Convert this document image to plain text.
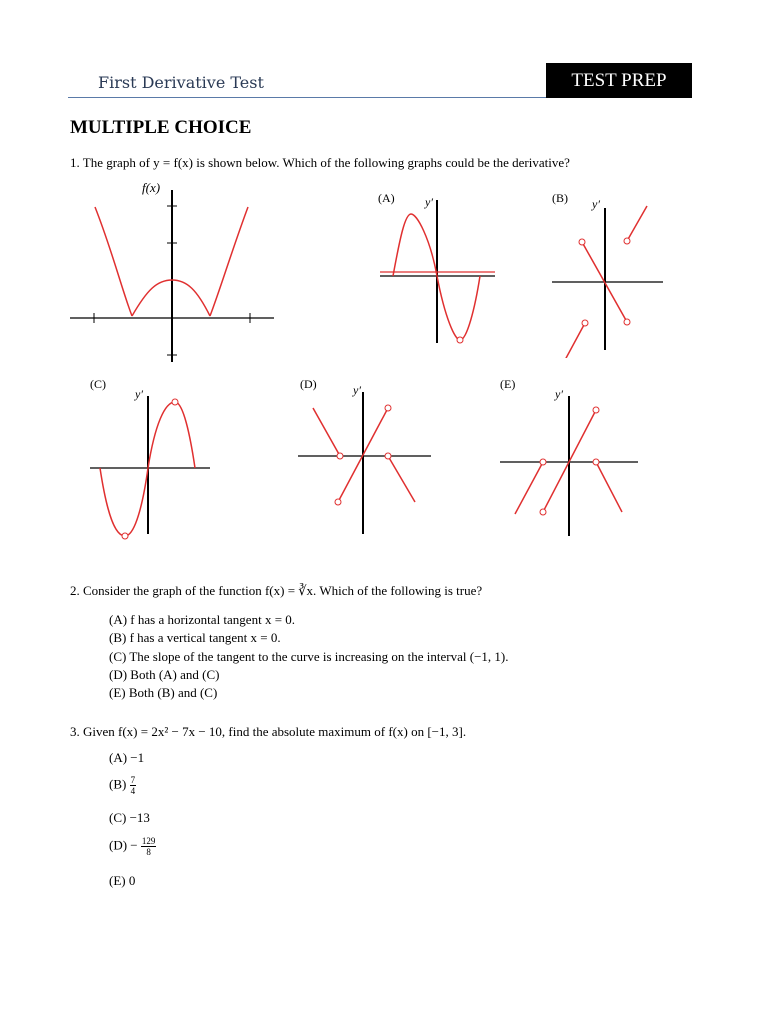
First Derivative Test	TEST PREP
MULTIPLE CHOICE
1. The graph of y = f(x) is shown below. Which of the following graphs could be the derivative?
f(x)
(A)	y′	(B) y′
(C)
y′
(D)	y′	(E)
y′
2. Consider the graph of the function f(x) = ∛x. Which of the following is true?
(A) f has a horizontal tangent x = 0.
(B) f has a vertical tangent x = 0.
(C) The slope of the tangent to the curve is increasing on the interval (−1, 1).
(D) Both (A) and (C)
(E) Both (B) and (C)
3. Given f(x) = 2x² − 7x − 10, find the absolute maximum of f(x) on [−1, 3].
(A) −1
$(B) \frac{7}{4}$
(C) −13
$(D) - \frac{129}{8}$
(E) 0
